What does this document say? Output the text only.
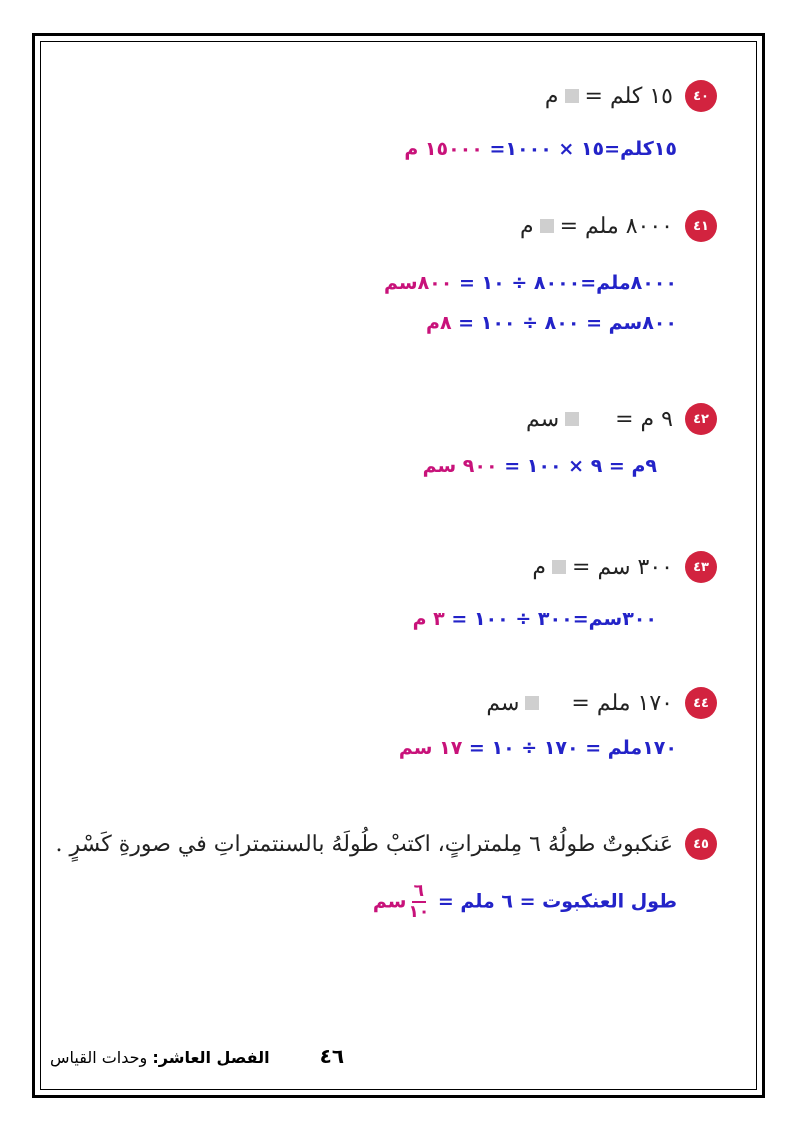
٤٠
١٥ كلم =
م
١٥كلم=١٥ × ١٠٠٠= ١٥٠٠٠ م
٤١
٨٠٠٠ ملم =
م
٨٠٠٠ملم=٨٠٠٠ ÷ ١٠ = ٨٠٠سم
٨٠٠سم = ٨٠٠ ÷ ١٠٠ = ٨م
٤٢
٩ م =
سم
٩م = ٩ × ١٠٠ = ٩٠٠ سم
٤٣
٣٠٠ سم =
م
٣٠٠سم=٣٠٠ ÷ ١٠٠ = ٣ م
٤٤
١٧٠ ملم =
سم
١٧٠ملم = ١٧٠ ÷ ١٠ = ١٧ سم
٤٥
عَنكبوتٌ طولُهُ ٦ مِلمتراتٍ، اكتبْ طُولَهُ بالسنتمتراتِ في صورةِ كَسْرٍ .
طول العنكبوت = ٦ ملم =
$\frac{٦}{١٠}$
سم
٤٦
الفصل العاشر: وحدات القياس
